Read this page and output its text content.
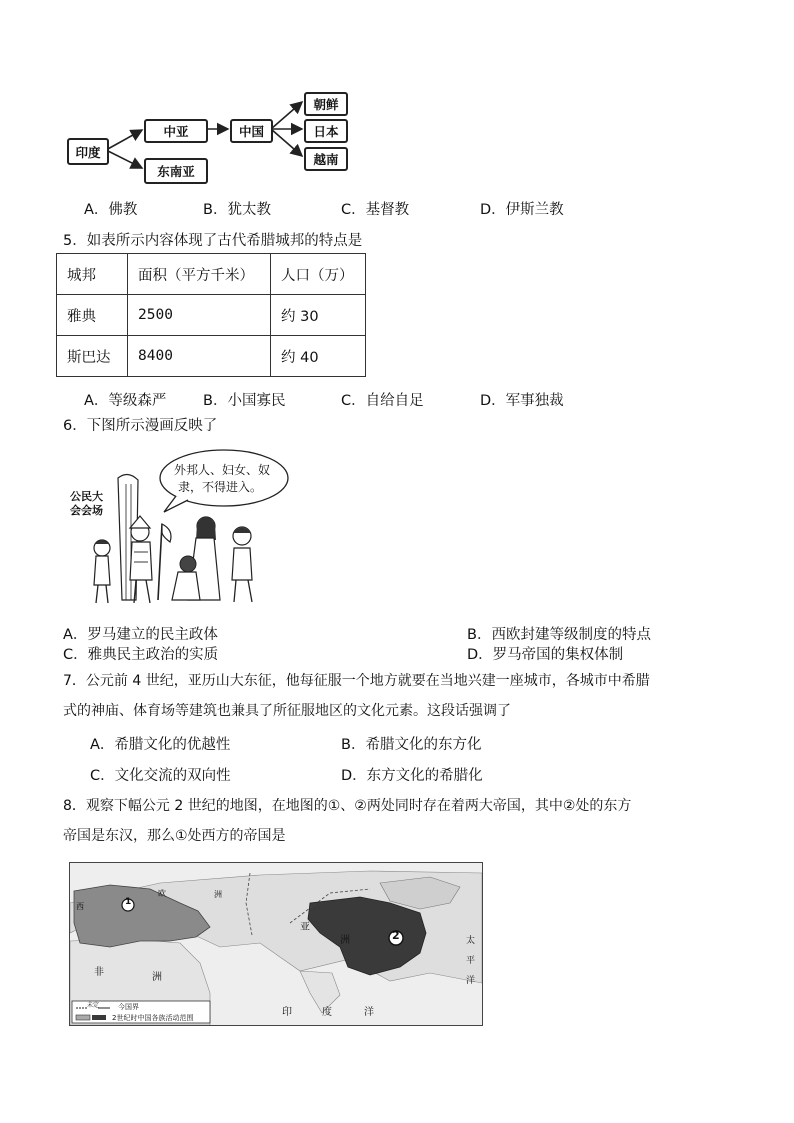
印度
中亚
东南亚
中国
朝鲜
日本
越南
A．佛教	B．犹太教	C．基督教	D．伊斯兰教
5．如表所示内容体现了古代希腊城邦的特点是
城邦	面积（平方千米）	人口（万）
雅典	2500	约 30
斯巴达	8400	约 40
A．等级森严	B．小国寡民	C．自给自足	D．军事独裁
6．下图所示漫画反映了
公民大
会会场
外邦人、妇女、奴
隶，不得进入。
A．罗马建立的民主政体	B．西欧封建等级制度的特点
C．雅典民主政治的实质	D．罗马帝国的集权体制
7．公元前 4 世纪，亚历山大东征，他每征服一个地方就要在当地兴建一座城市，各城市中希腊
式的神庙、体育场等建筑也兼具了所征服地区的文化元素。这段话强调了
A．希腊文化的优越性	B．希腊文化的东方化
C．文化交流的双向性	D．东方文化的希腊化
8．观察下幅公元 2 世纪的地图，在地图的①、②两处同时存在着两大帝国，其中②处的东方
帝国是东汉，那么①处西方的帝国是
1
2
欧	洲
亚
洲
非	洲
印	度	洋
太
平
洋
西
未定	今国界
2世纪时中国各族活动范围
